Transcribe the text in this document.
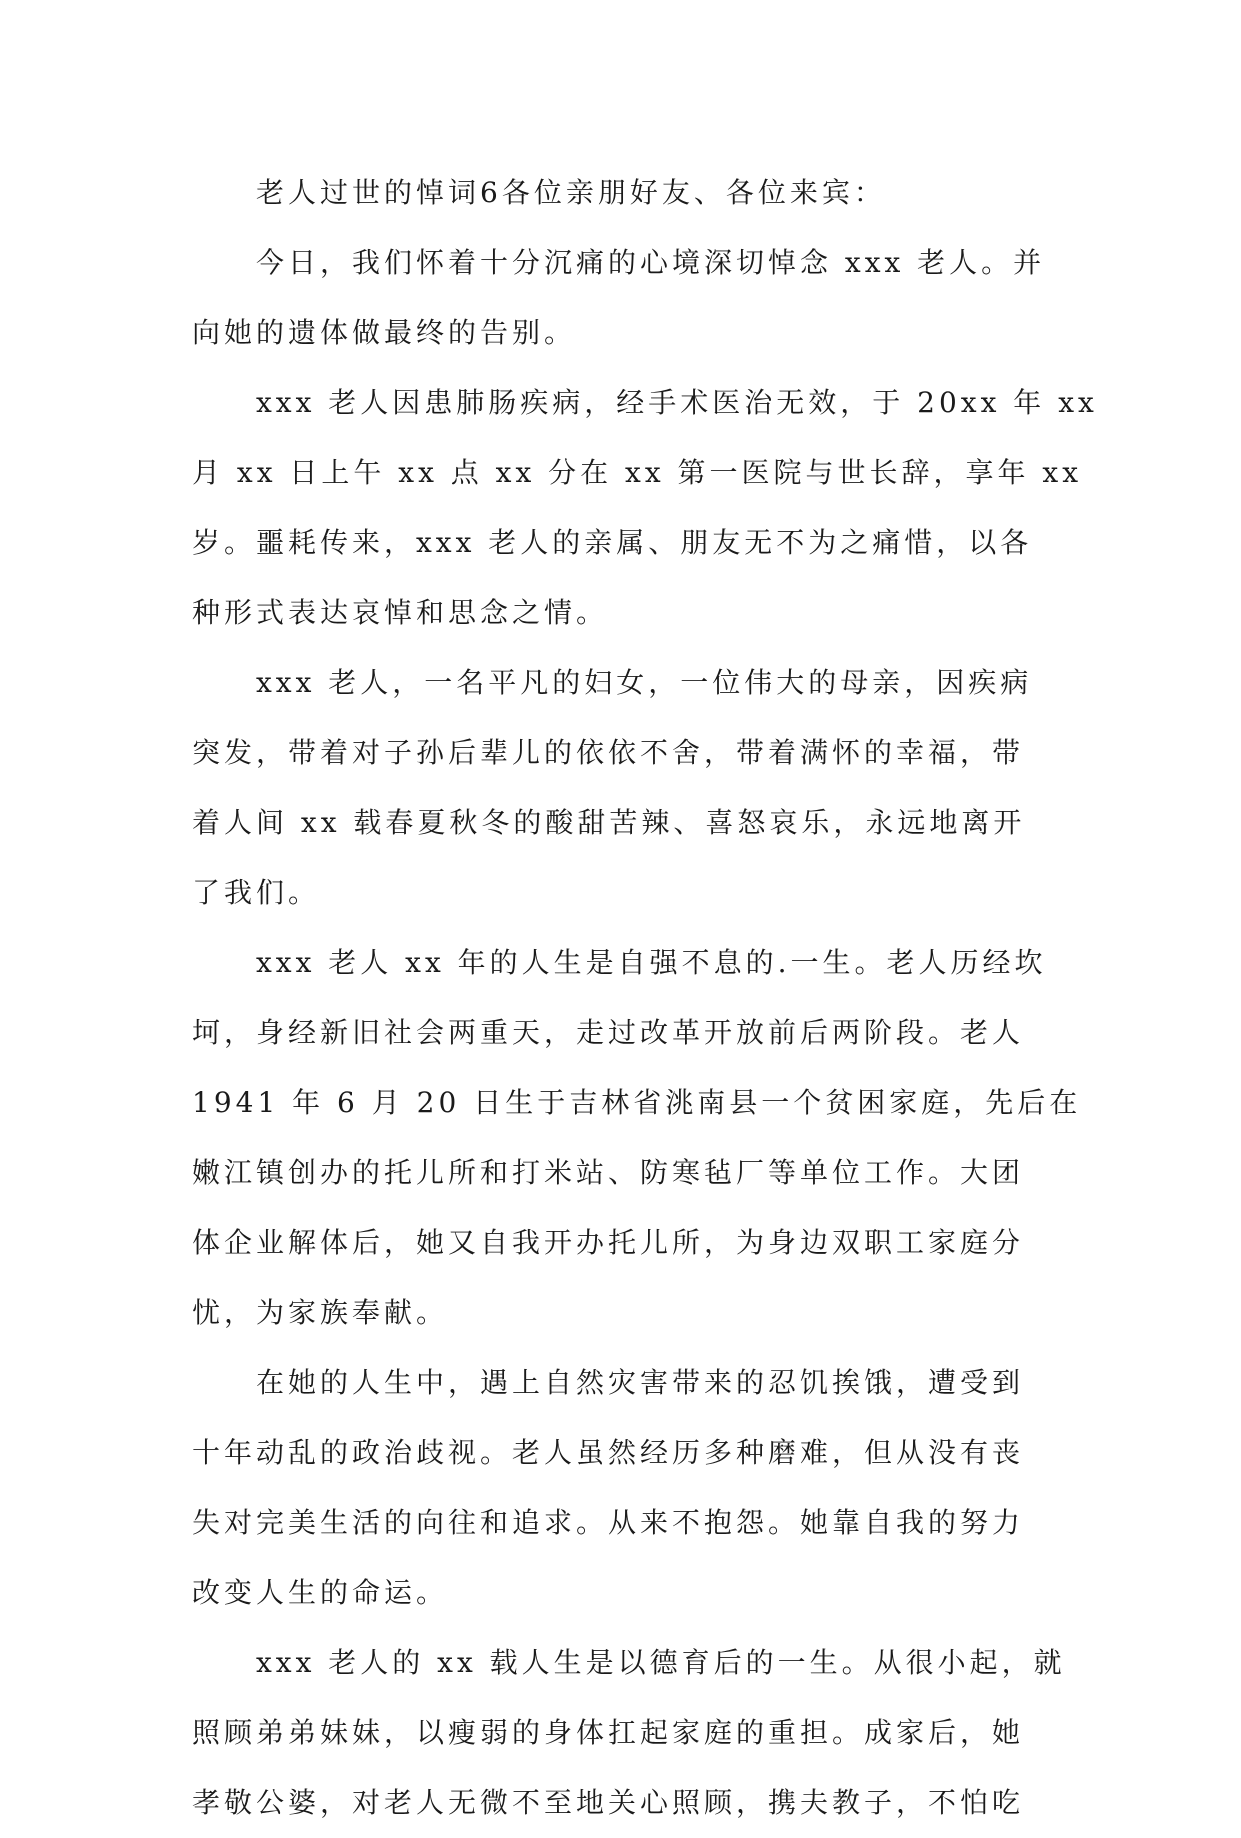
老人过世的悼词6各位亲朋好友、各位来宾：
今日，我们怀着十分沉痛的心境深切悼念 xxx 老人。并
向她的遗体做最终的告别。
xxx 老人因患肺肠疾病，经手术医治无效，于 20xx 年 xx
月 xx 日上午 xx 点 xx 分在 xx 第一医院与世长辞，享年 xx
岁。噩耗传来，xxx 老人的亲属、朋友无不为之痛惜，以各
种形式表达哀悼和思念之情。
xxx 老人，一名平凡的妇女，一位伟大的母亲，因疾病
突发，带着对子孙后辈儿的依依不舍，带着满怀的幸福，带
着人间 xx 载春夏秋冬的酸甜苦辣、喜怒哀乐，永远地离开
了我们。
xxx 老人 xx 年的人生是自强不息的.一生。老人历经坎
坷，身经新旧社会两重天，走过改革开放前后两阶段。老人
1941 年 6 月 20 日生于吉林省洮南县一个贫困家庭，先后在
嫩江镇创办的托儿所和打米站、防寒毡厂等单位工作。大团
体企业解体后，她又自我开办托儿所，为身边双职工家庭分
忧，为家族奉献。
在她的人生中，遇上自然灾害带来的忍饥挨饿，遭受到
十年动乱的政治歧视。老人虽然经历多种磨难，但从没有丧
失对完美生活的向往和追求。从来不抱怨。她靠自我的努力
改变人生的命运。
xxx 老人的 xx 载人生是以德育后的一生。从很小起，就
照顾弟弟妹妹，以瘦弱的身体扛起家庭的重担。成家后，她
孝敬公婆，对老人无微不至地关心照顾，携夫教子，不怕吃
